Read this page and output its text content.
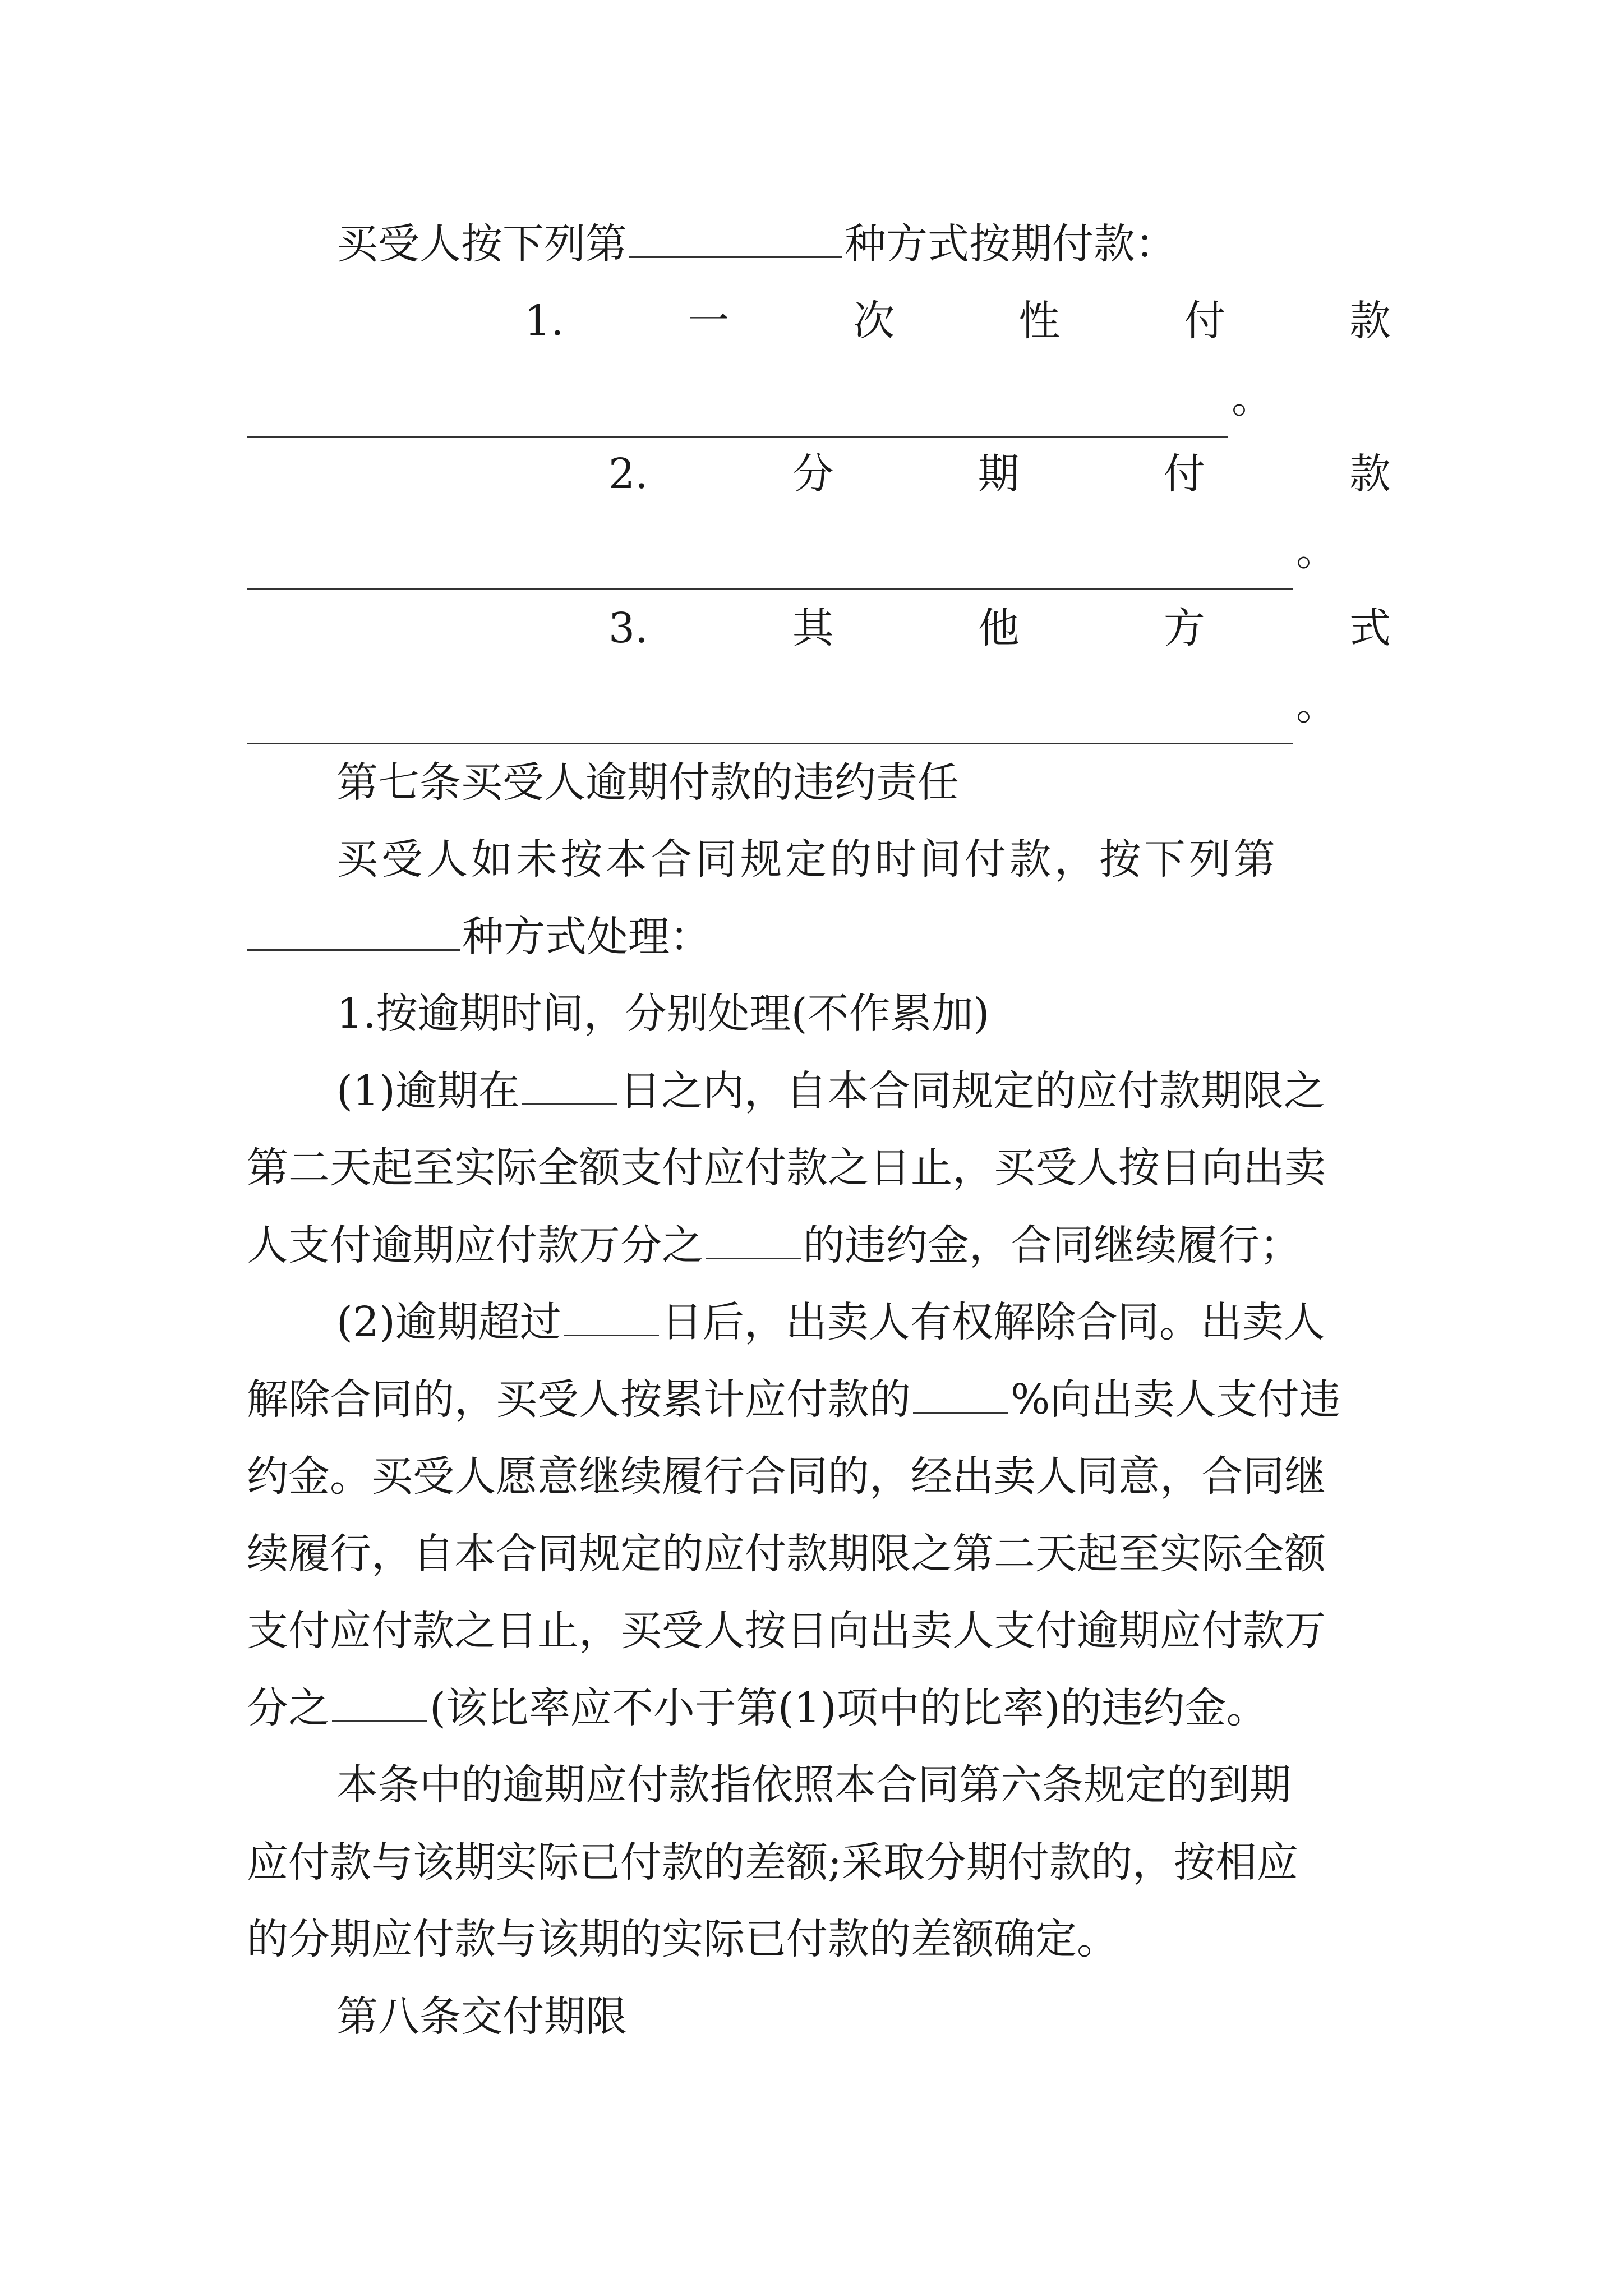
买受人按下列第	种方式按期付款：
1.	一	次	性	付	款
。
2.	分	期	付	款
。
3.	其	他	方	式
。
第七条买受人逾期付款的违约责任
买受人如未按本合同规定的时间付款，按下列第
种方式处理：
1.按逾期时间，分别处理(不作累加)
(1)逾期在 日之内，自本合同规定的应付款期限之
第二天起至实际全额支付应付款之日止，买受人按日向出卖
人支付逾期应付款万分之 的违约金，合同继续履行；
(2)逾期超过 日后，出卖人有权解除合同。出卖人
解除合同的，买受人按累计应付款的 %向出卖人支付违
约金。买受人愿意继续履行合同的，经出卖人同意，合同继
续履行，自本合同规定的应付款期限之第二天起至实际全额
支付应付款之日止，买受人按日向出卖人支付逾期应付款万
分之 (该比率应不小于第(1)项中的比率)的违约金。
本条中的逾期应付款指依照本合同第六条规定的到期
应付款与该期实际已付款的差额;采取分期付款的，按相应
的分期应付款与该期的实际已付款的差额确定。
第八条交付期限
